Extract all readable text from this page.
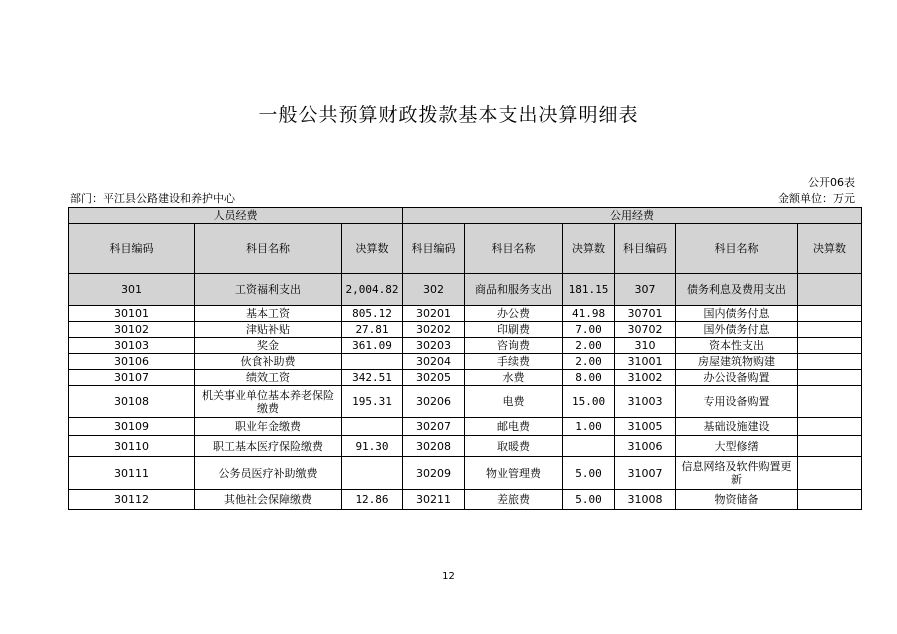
一般公共预算财政拨款基本支出决算明细表
公开06表
部门：平江县公路建设和养护中心	金额单位：万元
人员经费			公用经费					
科目编码	科目名称	决算数	科目编码	科目名称	决算数	科目编码	科目名称	决算数
301	工资福利支出	2,004.82	302	商品和服务支出	181.15	307	债务利息及费用支出	
30101	基本工资	805.12	30201	办公费	41.98	30701	国内债务付息	
30102	津贴补贴	27.81	30202	印刷费	7.00	30702	国外债务付息	
30103	奖金	361.09	30203	咨询费	2.00	310	资本性支出	
30106	伙食补助费		30204	手续费	2.00	31001	房屋建筑物购建	
30107	绩效工资	342.51	30205	水费	8.00	31002	办公设备购置	
30108	机关事业单位基本养老保险缴费	195.31	30206	电费	15.00	31003	专用设备购置	
30109	职业年金缴费		30207	邮电费	1.00	31005	基础设施建设	
30110	职工基本医疗保险缴费	91.30	30208	取暖费		31006	大型修缮	
30111	公务员医疗补助缴费		30209	物业管理费	5.00	31007	信息网络及软件购置更新	
30112	其他社会保障缴费	12.86	30211	差旅费	5.00	31008	物资储备	
12
